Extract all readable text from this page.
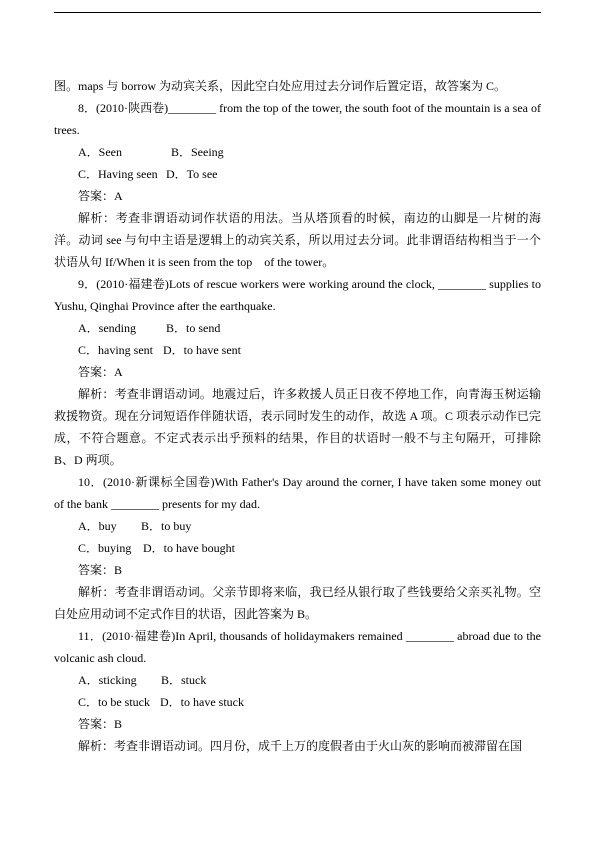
图。maps 与 borrow 为动宾关系，因此空白处应用过去分词作后置定语，故答案为 C。
8．(2010·陕西卷)________ from the top of the tower, the south foot of the mountain is a sea of
trees.
A．Seen	B．Seeing
C．Having seen D．To see
答案：A
解析：考查非谓语动词作状语的用法。当从塔顶看的时候，南边的山脚是一片树的海
洋。动词 see 与句中主语是逻辑上的动宾关系，所以用过去分词。此非谓语结构相当于一个
状语从句 If/When it is seen from the top    of the tower。
9．(2010·福建卷)Lots of rescue workers were working around the clock, ________ supplies to
Yushu, Qinghai Province after the earthquake.
A．sending	B．to send
C．having sent D．to have sent
答案：A
解析：考查非谓语动词。地震过后，许多救援人员正日夜不停地工作，向青海玉树运输
救援物资。现在分词短语作伴随状语，表示同时发生的动作，故选 A 项。C 项表示动作已完
成，不符合题意。不定式表示出乎预料的结果，作目的状语时一般不与主句隔开，可排除
B、D 两项。
10．(2010·新课标全国卷)With Father's Day around the corner, I have taken some money out
of the bank ________ presents for my dad.
A．buy B．to buy
C．buying D．to have bought
答案：B
解析：考查非谓语动词。父亲节即将来临，我已经从银行取了些钱要给父亲买礼物。空
白处应用动词不定式作目的状语，因此答案为 B。
11．(2010·福建卷)In April, thousands of holidaymakers remained ________ abroad due to the
volcanic ash cloud.
A．sticking B．stuck
C．to be stuck D．to have stuck
答案：B
解析：考查非谓语动词。四月份，成千上万的度假者由于火山灰的影响而被滞留在国
